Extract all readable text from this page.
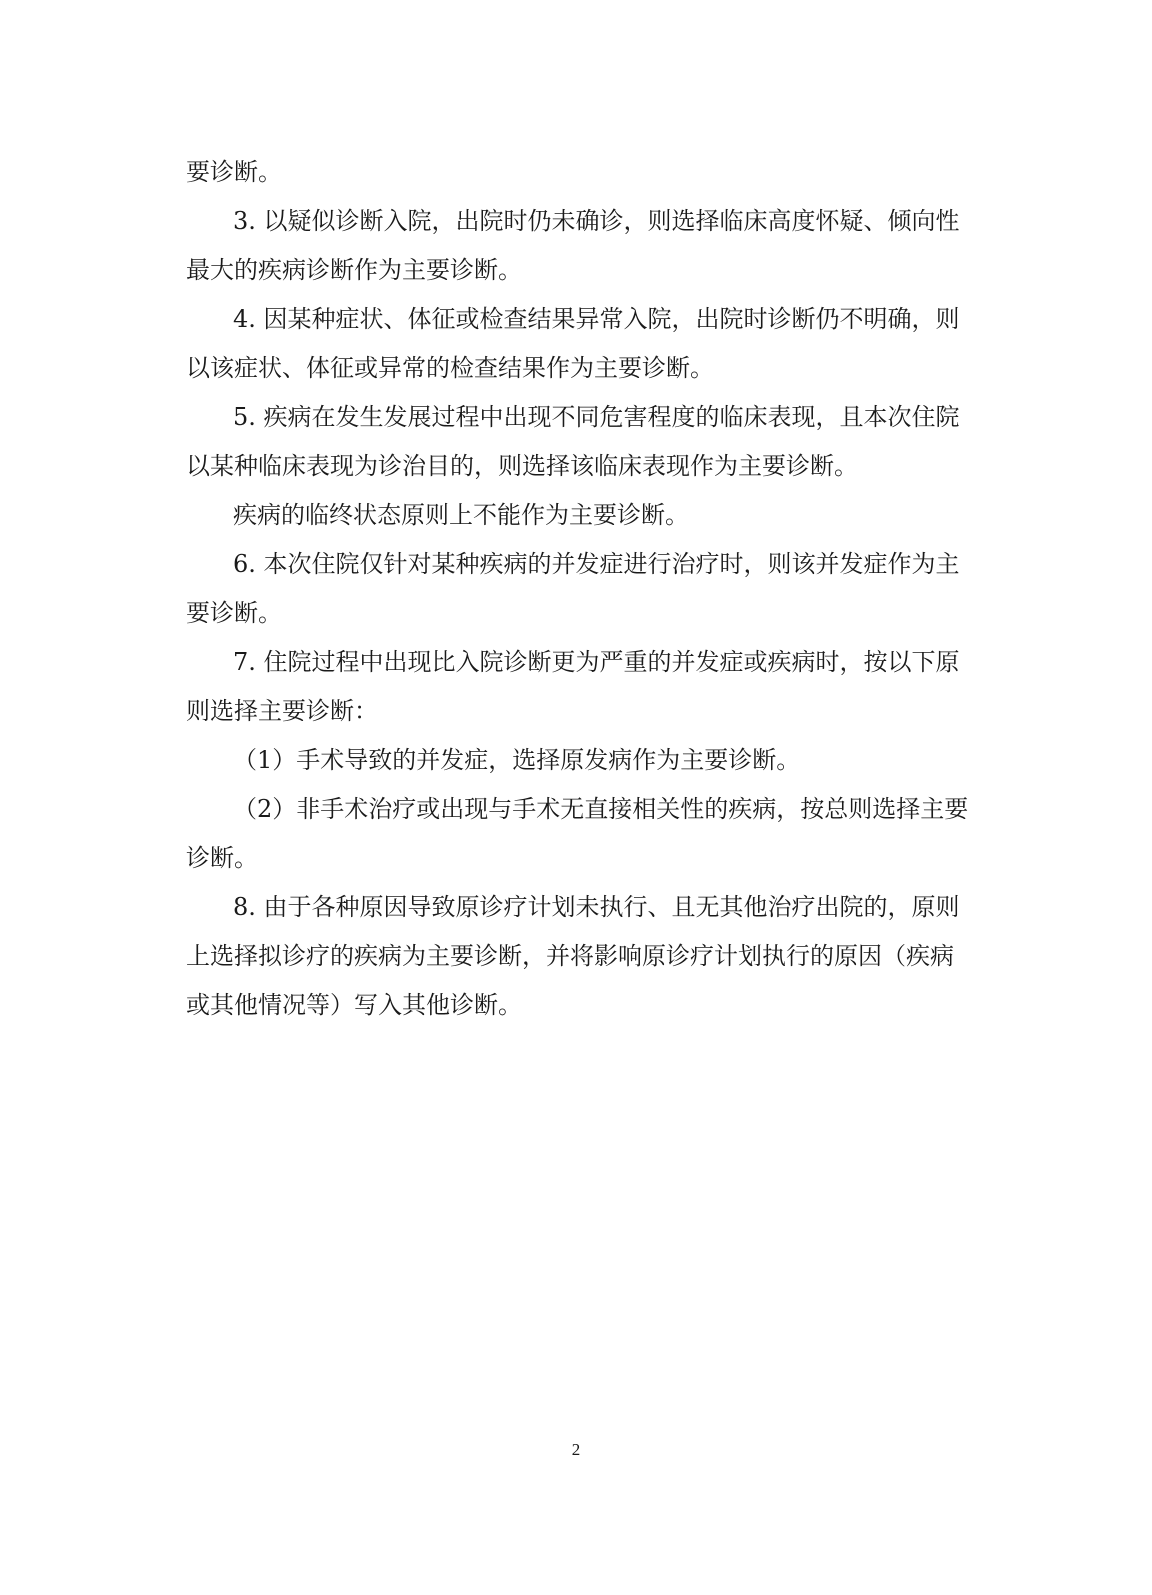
要诊断。
3. 以疑似诊断入院，出院时仍未确诊，则选择临床高度怀疑、倾向性
最大的疾病诊断作为主要诊断。
4. 因某种症状、体征或检查结果异常入院，出院时诊断仍不明确，则
以该症状、体征或异常的检查结果作为主要诊断。
5. 疾病在发生发展过程中出现不同危害程度的临床表现，且本次住院
以某种临床表现为诊治目的，则选择该临床表现作为主要诊断。
疾病的临终状态原则上不能作为主要诊断。
6. 本次住院仅针对某种疾病的并发症进行治疗时，则该并发症作为主
要诊断。
7. 住院过程中出现比入院诊断更为严重的并发症或疾病时，按以下原
则选择主要诊断：
（1）手术导致的并发症，选择原发病作为主要诊断。
（2）非手术治疗或出现与手术无直接相关性的疾病，按总则选择主要
诊断。
8. 由于各种原因导致原诊疗计划未执行、且无其他治疗出院的，原则
上选择拟诊疗的疾病为主要诊断，并将影响原诊疗计划执行的原因（疾病
或其他情况等）写入其他诊断。
2
